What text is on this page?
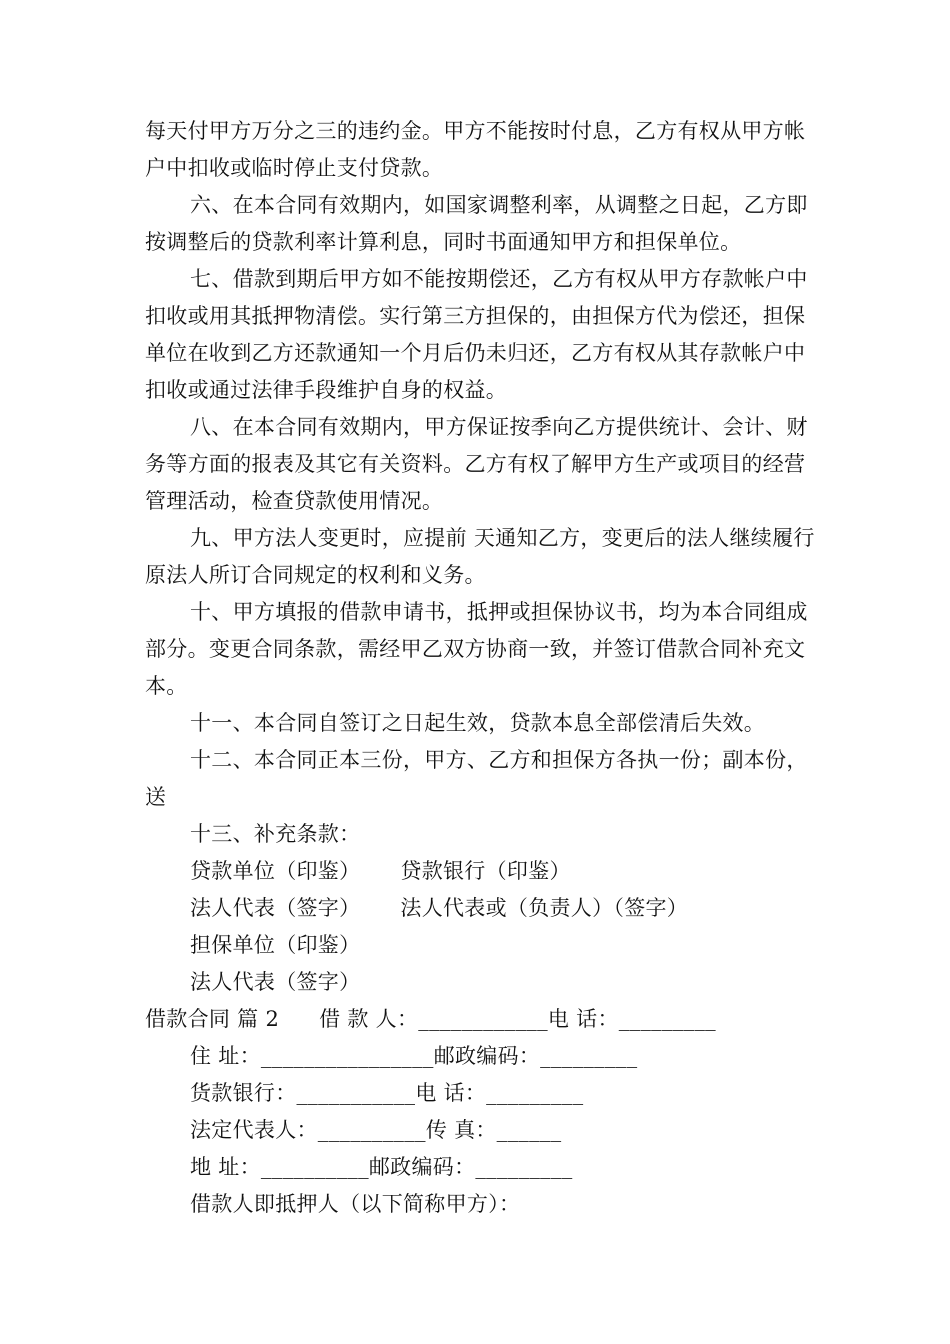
每天付甲方万分之三的违约金。甲方不能按时付息，乙方有权从甲方帐户中扣收或临时停止支付贷款。

六、在本合同有效期内，如国家调整利率，从调整之日起，乙方即按调整后的贷款利率计算利息，同时书面通知甲方和担保单位。

七、借款到期后甲方如不能按期偿还，乙方有权从甲方存款帐户中扣收或用其抵押物清偿。实行第三方担保的，由担保方代为偿还，担保单位在收到乙方还款通知一个月后仍未归还，乙方有权从其存款帐户中扣收或通过法律手段维护自身的权益。

八、在本合同有效期内，甲方保证按季向乙方提供统计、会计、财务等方面的报表及其它有关资料。乙方有权了解甲方生产或项目的经营管理活动，检查贷款使用情况。

九、甲方法人变更时，应提前 天通知乙方，变更后的法人继续履行原法人所订合同规定的权利和义务。

十、甲方填报的借款申请书，抵押或担保协议书，均为本合同组成部分。变更合同条款，需经甲乙双方协商一致，并签订借款合同补充文本。

十一、本合同自签订之日起生效，贷款本息全部偿清后失效。

十二、本合同正本三份，甲方、乙方和担保方各执一份；副本份，送

十三、补充条款：

贷款单位（印鉴） 贷款银行（印鉴）

法人代表（签字） 法人代表或（负责人）（签字）

担保单位（印鉴）

法人代表（签字）

借款合同 篇 2 借 款 人：____________电 话：_________

住 址：________________邮政编码：_________

货款银行：___________电 话：_________

法定代表人：__________传 真：______

地 址：__________邮政编码：_________

借款人即抵押人（以下简称甲方）：
